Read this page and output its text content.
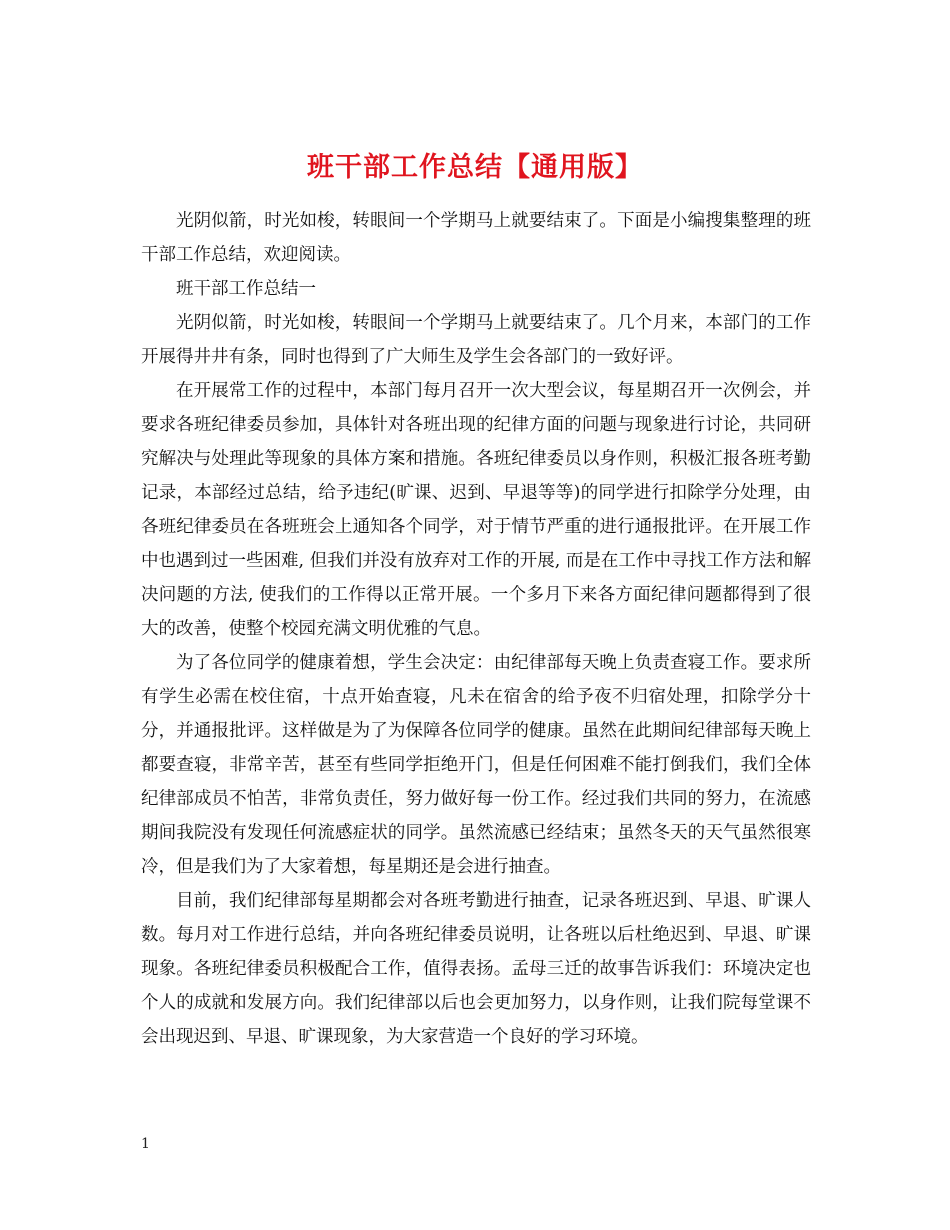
班干部工作总结【通用版】

光阴似箭，时光如梭，转眼间一个学期马上就要结束了。下面是小编搜集整理的班干部工作总结，欢迎阅读。

班干部工作总结一

光阴似箭，时光如梭，转眼间一个学期马上就要结束了。几个月来，本部门的工作开展得井井有条，同时也得到了广大师生及学生会各部门的一致好评。

在开展常工作的过程中，本部门每月召开一次大型会议，每星期召开一次例会，并要求各班纪律委员参加，具体针对各班出现的纪律方面的问题与现象进行讨论，共同研究解决与处理此等现象的具体方案和措施。各班纪律委员以身作则，积极汇报各班考勤记录，本部经过总结，给予违纪(旷课、迟到、早退等等)的同学进行扣除学分处理，由各班纪律委员在各班班会上通知各个同学，对于情节严重的进行通报批评。在开展工作中也遇到过一些困难, 但我们并没有放弃对工作的开展, 而是在工作中寻找工作方法和解决问题的方法, 使我们的工作得以正常开展。一个多月下来各方面纪律问题都得到了很大的改善，使整个校园充满文明优雅的气息。

为了各位同学的健康着想，学生会决定：由纪律部每天晚上负责查寝工作。要求所有学生必需在校住宿，十点开始查寝，凡未在宿舍的给予夜不归宿处理，扣除学分十分，并通报批评。这样做是为了为保障各位同学的健康。虽然在此期间纪律部每天晚上都要查寝，非常辛苦，甚至有些同学拒绝开门，但是任何困难不能打倒我们，我们全体纪律部成员不怕苦，非常负责任，努力做好每一份工作。经过我们共同的努力，在流感期间我院没有发现任何流感症状的同学。虽然流感已经结束；虽然冬天的天气虽然很寒冷，但是我们为了大家着想，每星期还是会进行抽查。

目前，我们纪律部每星期都会对各班考勤进行抽查，记录各班迟到、早退、旷课人数。每月对工作进行总结，并向各班纪律委员说明，让各班以后杜绝迟到、早退、旷课现象。各班纪律委员积极配合工作，值得表扬。孟母三迁的故事告诉我们：环境决定也个人的成就和发展方向。我们纪律部以后也会更加努力，以身作则，让我们院每堂课不会出现迟到、早退、旷课现象，为大家营造一个良好的学习环境。

1
